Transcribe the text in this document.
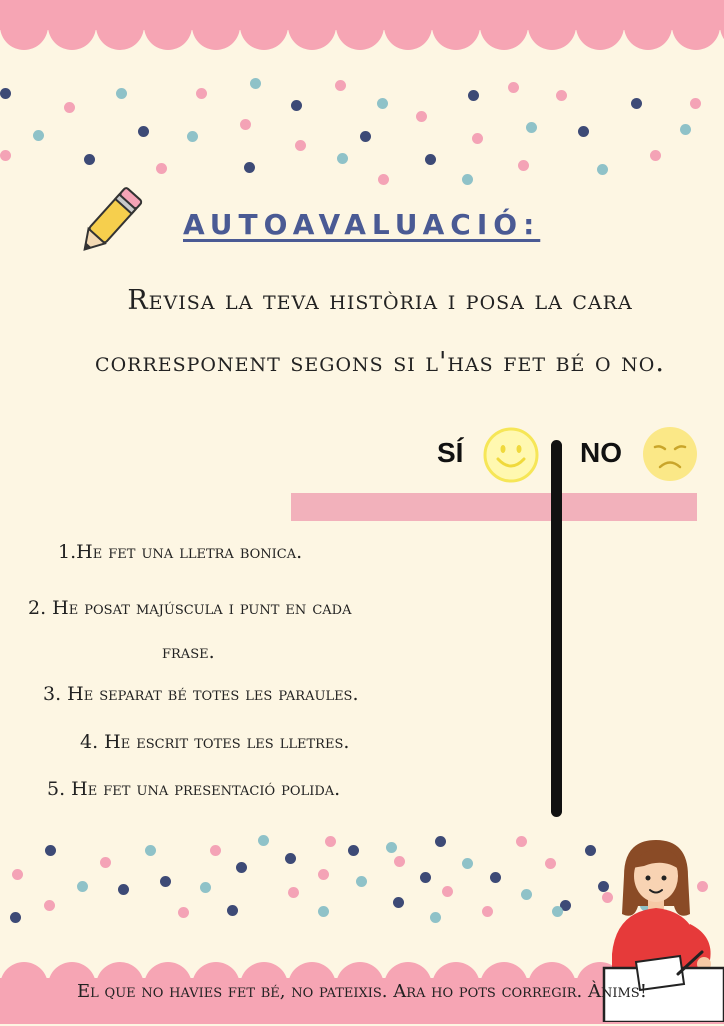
AUTOAVALUACIÓ:
Revisa la teva història i posa la cara
corresponent segons si l'has fet bé o no.
SÍ	NO
1.He fet una lletra bonica.
2. He posat majúscula i punt en cada
frase.
3. He separat bé totes les paraules.
4. He escrit totes les lletres.
5. He fet una presentació polida.
El que no havies fet bé, no pateixis. Ara ho pots corregir. Ànims!
